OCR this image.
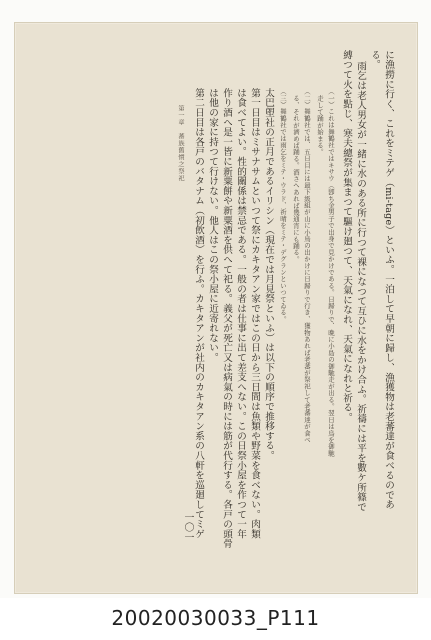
に漁撈に行く、これをミテゲ（mi-tage）といふ。一泊して早朝に歸し、漁獲物は老蕃達が食べるのであ
る。
雨乞は老人男女が一緒に水のある所に行つて裸になつて互ひに水をかけ合ふ。祈禱には平を數ケ所篠で
縛つて火を點じ、寒夫總祭が集まつて驅け廻つて、天氣になれ、天氣になれと祈る。
（一）これは舞鶴社ではキサウ（卽ち金男子で出身で見かけである。日歸りで、晩に小島の御馳走が出る。翌日は鳥を御馳
走して踊が始まる。
（二）舞鶴社では、五日目には最下級組が山に小鳥の出かけに日歸りで行き、獲物あれば老蕃が祭祀して老蕃達が食べ
る、それが濟めば踊る。酒さへあれば幾通宵にも踊る。
（三）舞鶴社では雨乞をミテ・ウラド、祈晴をミテ・デグランといつてゐる。
太巴塱社の正月であるイリシン（現在では月見祭といふ）は以下の順序で推移する。
第一日目はミサナサムといつて祭にカキタアン家ではこの日から三日間は魚類や野菜を食べない。肉類
は食べてよい。性的關係は禁忌である。一般の者は仕事に出て差支へない。この日祭小屋を作つて一年
作り酒へ是一皆に新粟餅や新粟酒を供へて祀る。義父が死亡又は病氣の時には筋が代行する。各戸の頭骨
は他の家に持つて行けない。他人はこの祭小屋に近寄れない。
第二日目は各戸のバタナム（初飲酒）を行ふ。カキタアンが社内のカキタアン系の八軒を巡廻してミゲ
第一章　蕃族舊慣之祭祀
一〇一
20020030033_P111
